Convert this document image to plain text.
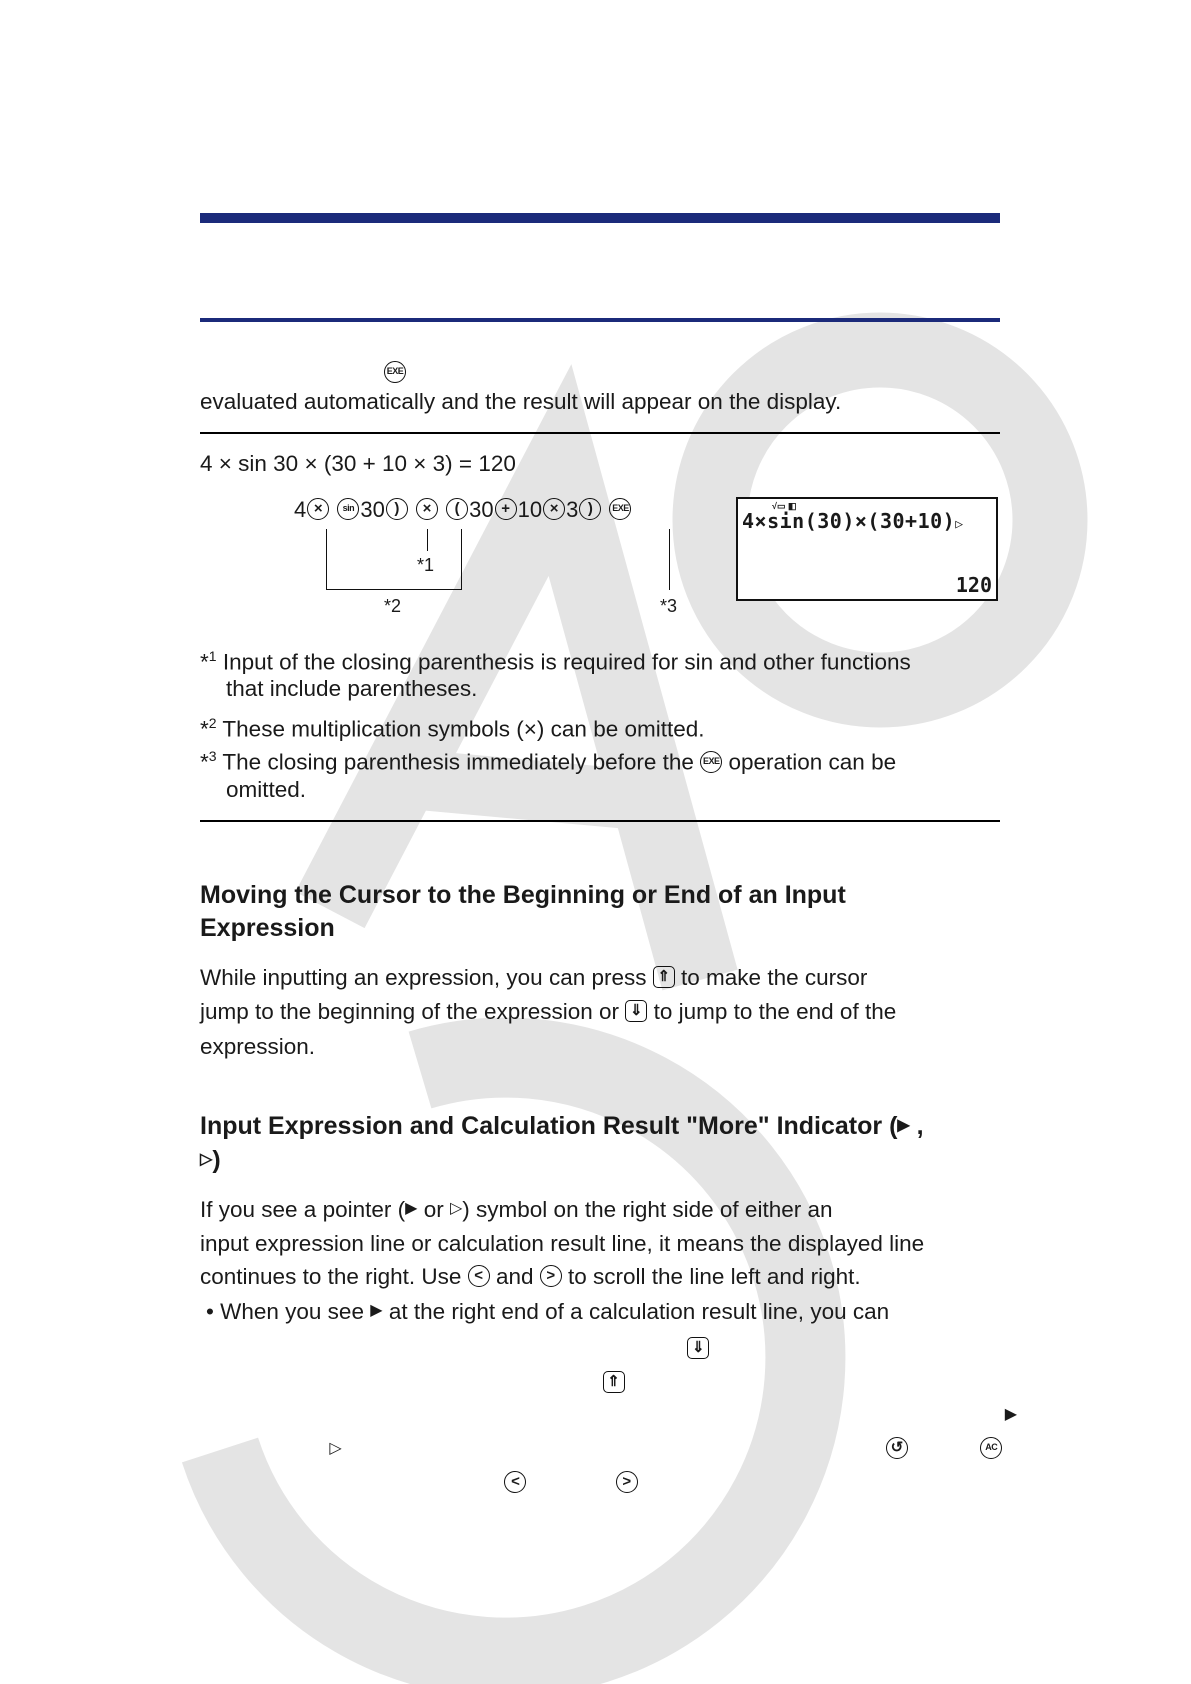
EXE
evaluated automatically and the result will appear on the display.
4 × sin 30 × (30 + 10 × 3) = 120
4 × sin 30 ) × ( 30 + 10 × 3 ) EXE
*1
*2	*3
√▭ ◧
4×sin(30)×(30+10)▷
120
*$^1$ Input of the closing parenthesis is required for sin and other functions
that include parentheses.
*$^2$ These multiplication symbols (×) can be omitted.
*$^3$ The closing parenthesis immediately before the EXE operation can be
omitted.
Moving the Cursor to the Beginning or End of an Input
Expression
While inputting an expression, you can press ⇑ to make the cursor
jump to the beginning of the expression or ⇓ to jump to the end of the
expression.
Input Expression and Calculation Result "More" Indicator (▶ ,
▷)
If you see a pointer (▶ or ▷) symbol on the right side of either an
input expression line or calculation result line, it means the displayed line
continues to the right. Use < and > to scroll the line left and right.
• When you see ▶ at the right end of a calculation result line, you can
⇓ ⇑ ▶ ▷	↺	AC <	>
